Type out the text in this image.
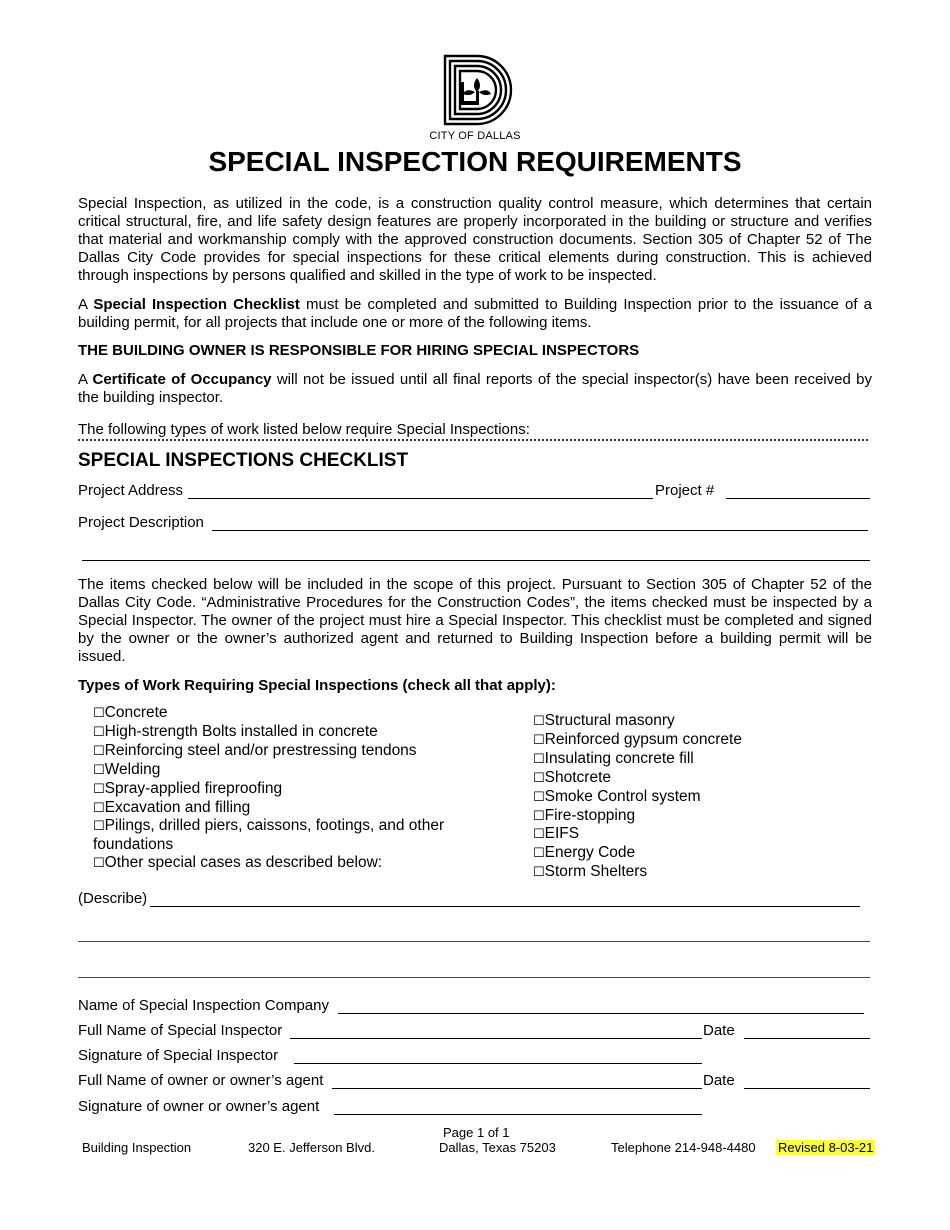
CITY OF DALLAS
SPECIAL INSPECTION REQUIREMENTS
Special Inspection, as utilized in the code, is a construction quality control measure, which determines that certain critical structural, fire, and life safety design features are properly incorporated in the building or structure and verifies that material and workmanship comply with the approved construction documents. Section 305 of Chapter 52 of The Dallas City Code provides for special inspections for these critical elements during construction. This is achieved through inspections by persons qualified and skilled in the type of work to be inspected.
A Special Inspection Checklist must be completed and submitted to Building Inspection prior to the issuance of a building permit, for all projects that include one or more of the following items.
THE BUILDING OWNER IS RESPONSIBLE FOR HIRING SPECIAL INSPECTORS
A Certificate of Occupancy will not be issued until all final reports of the special inspector(s) have been received by the building inspector.
The following types of work listed below require Special Inspections:
SPECIAL INSPECTIONS CHECKLIST
Project Address	Project #
Project Description
The items checked below will be included in the scope of this project. Pursuant to Section 305 of Chapter 52 of the Dallas City Code. “Administrative Procedures for the Construction Codes”, the items checked must be inspected by a Special Inspector. The owner of the project must hire a Special Inspector. This checklist must be completed and signed by the owner or the owner’s authorized agent and returned to Building Inspection before a building permit will be issued.
Types of Work Requiring Special Inspections (check all that apply):
☐Concrete
☐High-strength Bolts installed in concrete
☐Reinforcing steel and/or prestressing tendons
☐Welding
☐Spray-applied fireproofing
☐Excavation and filling
☐Pilings, drilled piers, caissons, footings, and other
foundations
☐Other special cases as described below:
☐Structural masonry
☐Reinforced gypsum concrete
☐Insulating concrete fill
☐Shotcrete
☐Smoke Control system
☐Fire-stopping
☐EIFS
☐Energy Code
☐Storm Shelters
(Describe)
Name of Special Inspection Company
Full Name of Special Inspector	Date
Signature of Special Inspector
Full Name of owner or owner’s agent	Date
Signature of owner or owner’s agent
Page 1 of 1
Building Inspection	320 E. Jefferson Blvd.	Dallas, Texas 75203	Telephone 214-948-4480 Revised 8-03-21
